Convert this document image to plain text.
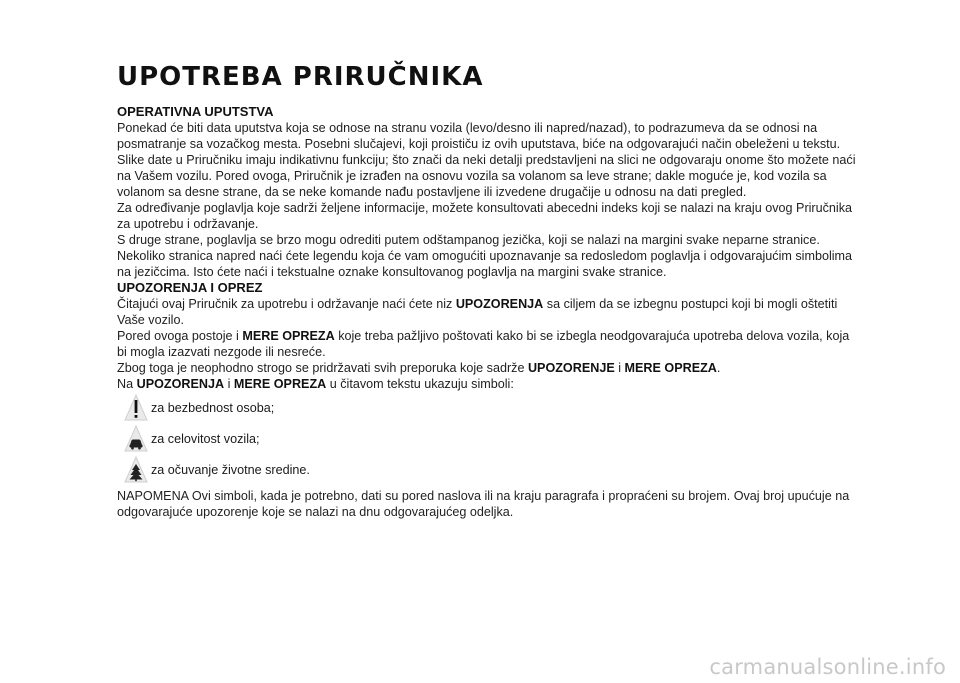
UPOTREBA PRIRUČNIKA
OPERATIVNA UPUTSTVA

Ponekad će biti data uputstva koja se odnose na stranu vozila (levo/desno ili napred/nazad), to podrazumeva da se odnosi na posmatranje sa vozačkog mesta. Posebni slučajevi, koji proističu iz ovih uputstava, biće na odgovarajući način obeleženi u tekstu.

Slike date u Priručniku imaju indikativnu funkciju; što znači da neki detalji predstavljeni na slici ne odgovaraju onome što možete naći na Vašem vozilu. Pored ovoga, Priručnik je izrađen na osnovu vozila sa volanom sa leve strane; dakle moguće je, kod vozila sa volanom sa desne strane, da se neke komande nađu postavljene ili izvedene drugačije u odnosu na dati pregled.

Za određivanje poglavlja koje sadrži željene informacije, možete konsultovati abecedni indeks koji se nalazi na kraju ovog Priručnika za upotrebu i održavanje.

S druge strane, poglavlja se brzo mogu odrediti putem odštampanog jezička, koji se nalazi na margini svake neparne stranice. Nekoliko stranica napred naći ćete legendu koja će vam omogućiti upoznavanje sa redosledom poglavlja i odgovarajućim simbolima na jezičcima. Isto ćete naći i tekstualne oznake konsultovanog poglavlja na margini svake stranice.

UPOZORENJA I OPREZ

Čitajući ovaj Priručnik za upotrebu i održavanje naći ćete niz UPOZORENJA sa ciljem da se izbegnu postupci koji bi mogli oštetiti Vaše vozilo.

Pored ovoga postoje i MERE OPREZA koje treba pažljivo poštovati kako bi se izbegla neodgovarajuća upotreba delova vozila, koja bi mogla izazvati nezgode ili nesreće.

Zbog toga je neophodno strogo se pridržavati svih preporuka koje sadrže UPOZORENJE i MERE OPREZA.

Na UPOZORENJA i MERE OPREZA u čitavom tekstu ukazuju simboli:

za bezbednost osoba;
za celovitost vozila;
za očuvanje životne sredine.

NAPOMENA Ovi simboli, kada je potrebno, dati su pored naslova ili na kraju paragrafa i propraćeni su brojem. Ovaj broj upućuje na odgovarajuće upozorenje koje se nalazi na dnu odgovarajućeg odeljka.

carmanualsonline.info
